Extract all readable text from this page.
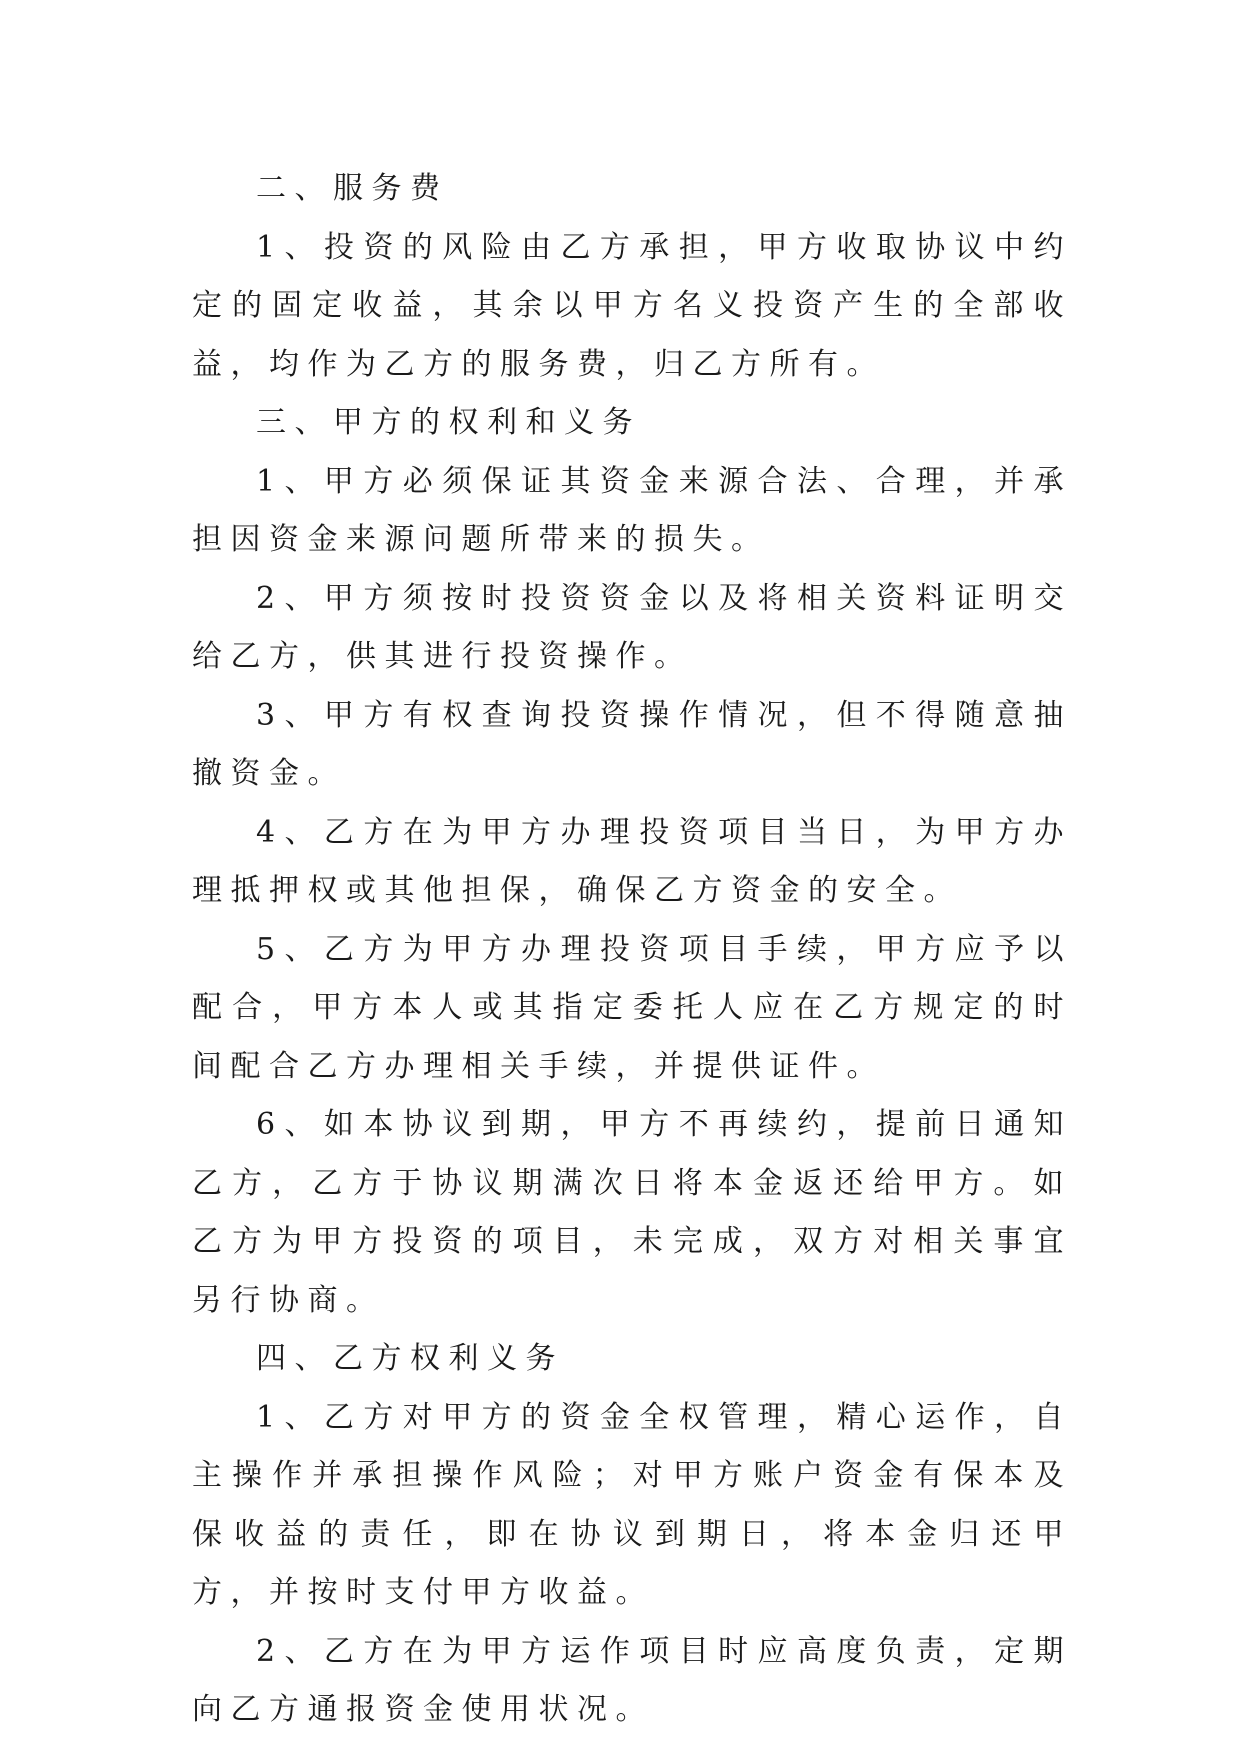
二、服务费

1、投资的风险由乙方承担，甲方收取协议中约定的固定收益，其余以甲方名义投资产生的全部收益，均作为乙方的服务费，归乙方所有。

三、甲方的权利和义务

1、甲方必须保证其资金来源合法、合理，并承担因资金来源问题所带来的损失。

2、甲方须按时投资资金以及将相关资料证明交给乙方，供其进行投资操作。

3、甲方有权查询投资操作情况，但不得随意抽撤资金。

4、乙方在为甲方办理投资项目当日，为甲方办理抵押权或其他担保，确保乙方资金的安全。

5、乙方为甲方办理投资项目手续，甲方应予以配合，甲方本人或其指定委托人应在乙方规定的时间配合乙方办理相关手续，并提供证件。

6、如本协议到期，甲方不再续约，提前日通知乙方，乙方于协议期满次日将本金返还给甲方。如乙方为甲方投资的项目，未完成，双方对相关事宜另行协商。

四、乙方权利义务

1、乙方对甲方的资金全权管理，精心运作，自主操作并承担操作风险；对甲方账户资金有保本及保收益的责任，即在协议到期日，将本金归还甲方，并按时支付甲方收益。

2、乙方在为甲方运作项目时应高度负责，定期向乙方通报资金使用状况。
